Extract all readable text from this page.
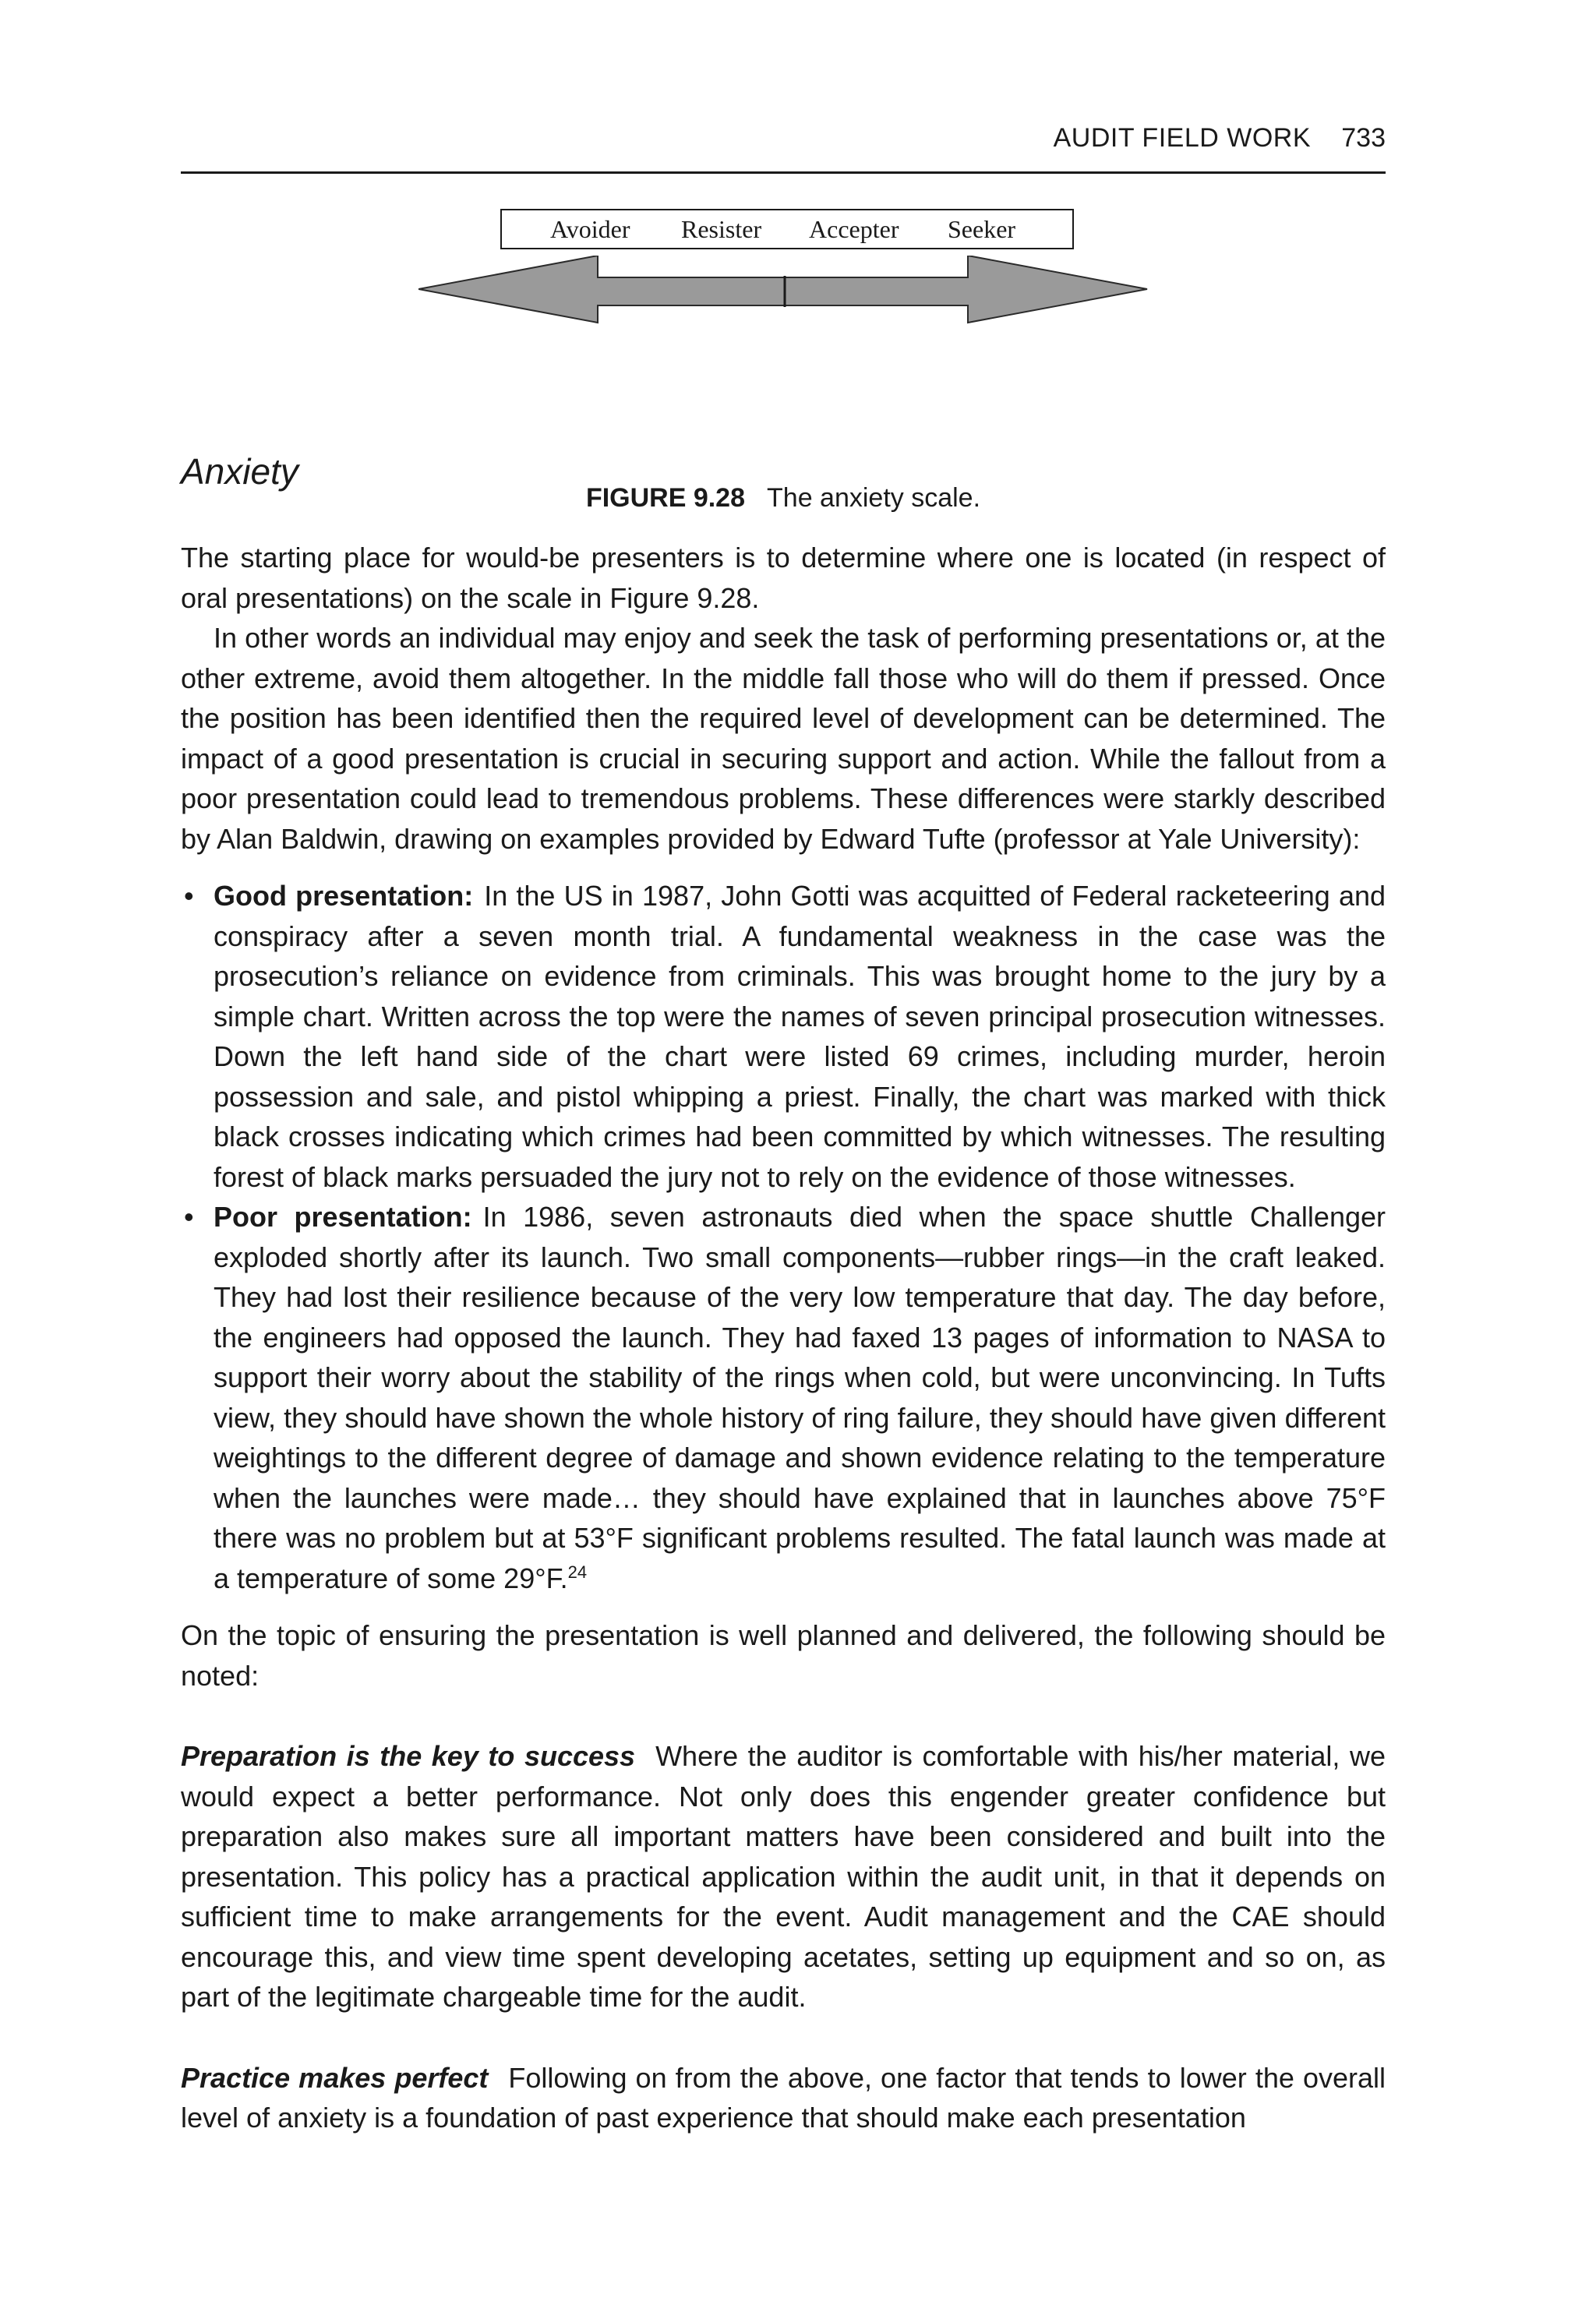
AUDIT FIELD WORK 733
Avoider Resister Accepter Seeker
FIGURE 9.28 The anxiety scale.
Anxiety

The starting place for would-be presenters is to determine where one is located (in respect of oral presentations) on the scale in Figure 9.28.

In other words an individual may enjoy and seek the task of performing presentations or, at the other extreme, avoid them altogether. In the middle fall those who will do them if pressed. Once the position has been identified then the required level of development can be determined. The impact of a good presentation is crucial in securing support and action. While the fallout from a poor presentation could lead to tremendous problems. These differences were starkly described by Alan Baldwin, drawing on examples provided by Edward Tufte (professor at Yale University):

• Good presentation: In the US in 1987, John Gotti was acquitted of Federal racketeering and conspiracy after a seven month trial. A fundamental weakness in the case was the prosecution’s reliance on evidence from criminals. This was brought home to the jury by a simple chart. Written across the top were the names of seven principal prosecution witnesses. Down the left hand side of the chart were listed 69 crimes, including murder, heroin possession and sale, and pistol whipping a priest. Finally, the chart was marked with thick black crosses indicating which crimes had been committed by which witnesses. The resulting forest of black marks persuaded the jury not to rely on the evidence of those witnesses.
• Poor presentation: In 1986, seven astronauts died when the space shuttle Challenger exploded shortly after its launch. Two small components—rubber rings—in the craft leaked. They had lost their resilience because of the very low temperature that day. The day before, the engineers had opposed the launch. They had faxed 13 pages of information to NASA to support their worry about the stability of the rings when cold, but were unconvincing. In Tufts view, they should have shown the whole history of ring failure, they should have given different weightings to the different degree of damage and shown evidence relating to the temperature when the launches were made… they should have explained that in launches above 75°F there was no problem but at 53°F significant problems resulted. The fatal launch was made at a temperature of some 29°F.$^{24}$

On the topic of ensuring the presentation is well planned and delivered, the following should be noted:

Preparation is the key to success Where the auditor is comfortable with his/her material, we would expect a better performance. Not only does this engender greater confidence but preparation also makes sure all important matters have been considered and built into the presentation. This policy has a practical application within the audit unit, in that it depends on sufficient time to make arrangements for the event. Audit management and the CAE should encourage this, and view time spent developing acetates, setting up equipment and so on, as part of the legitimate chargeable time for the audit.

Practice makes perfect Following on from the above, one factor that tends to lower the overall level of anxiety is a foundation of past experience that should make each presentation
